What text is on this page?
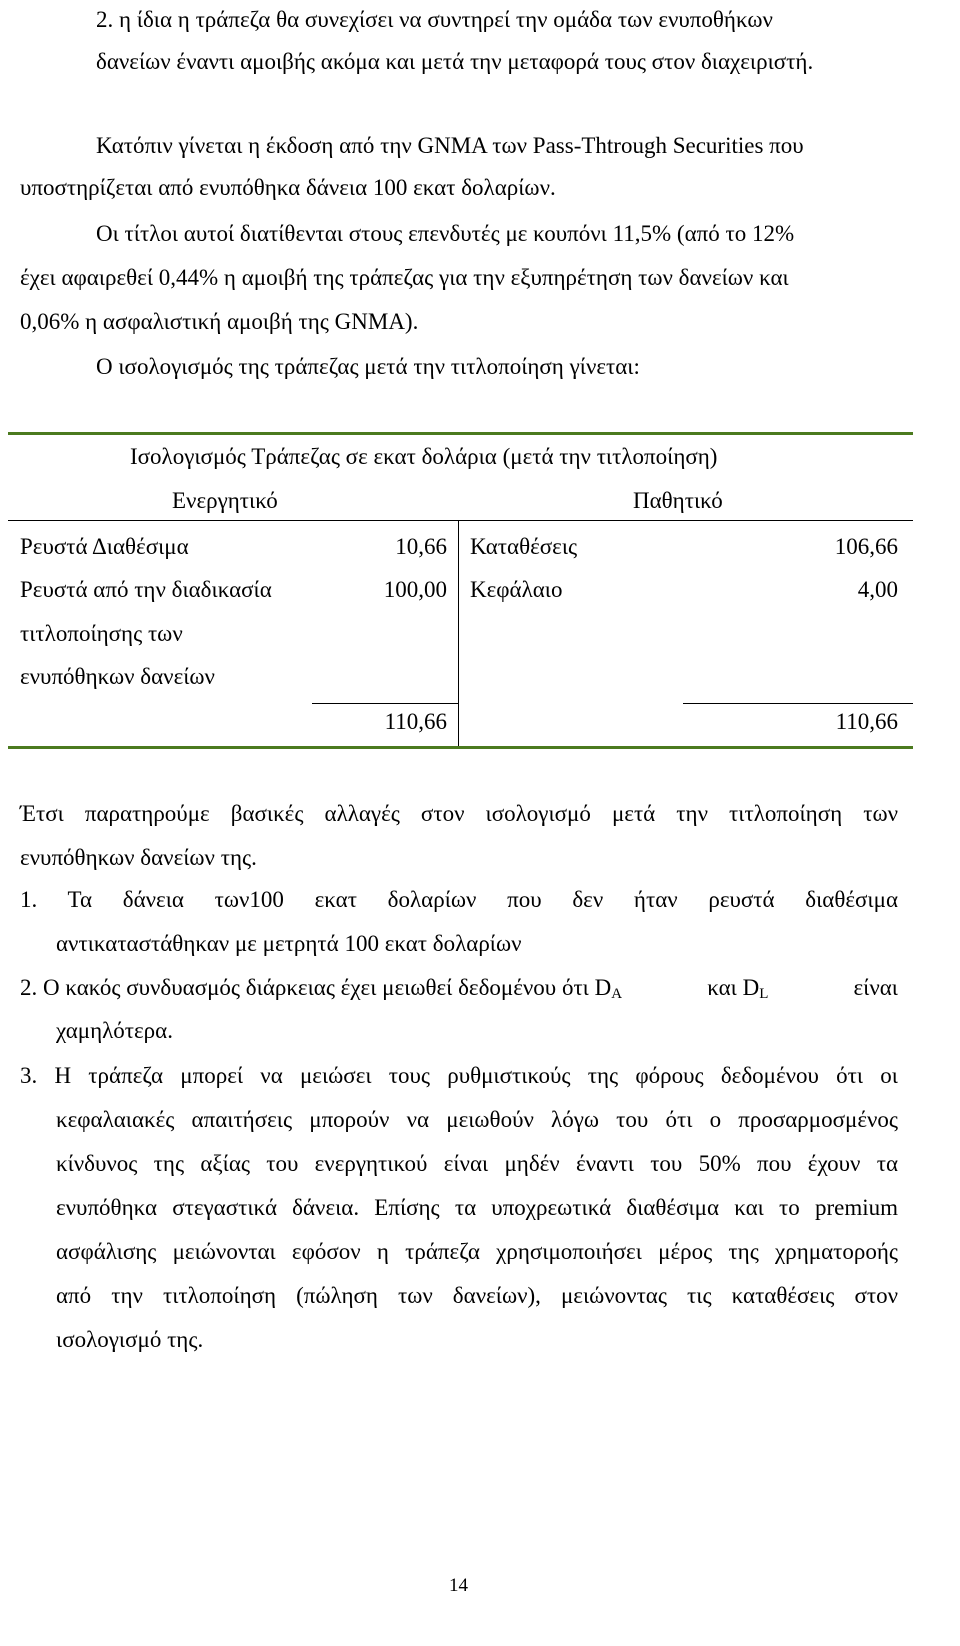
2. η ίδια η τράπεζα θα συνεχίσει να συντηρεί την ομάδα των ενυποθήκων
δανείων έναντι αμοιβής ακόμα και μετά την μεταφορά τους στον διαχειριστή.
Κατόπιν γίνεται η έκδοση από την GNMA των Pass-Thtrough Securities που
υποστηρίζεται από ενυπόθηκα δάνεια 100 εκατ δολαρίων.
Οι τίτλοι αυτοί διατίθενται στους επενδυτές με κουπόνι 11,5% (από το 12%
έχει αφαιρεθεί 0,44% η αμοιβή της τράπεζας για την εξυπηρέτηση των δανείων και
0,06% η ασφαλιστική αμοιβή της GNMA).
Ο ισολογισμός της τράπεζας μετά την τιτλοποίηση γίνεται:
Ισολογισμός Τράπεζας σε εκατ δολάρια (μετά την τιτλοποίηση)
Ενεργητικό	Παθητικό
Ρευστά Διαθέσιμα	10,66 Καταθέσεις	106,66
Ρευστά από την διαδικασία
τιτλοποίησης των
ενυπόθηκων δανείων
100,00 Κεφάλαιο	4,00
110,66	110,66
Έτσι παρατηρούμε βασικές αλλαγές στον ισολογισμό μετά την τιτλοποίηση των
ενυπόθηκων δανείων της.
1. Τα δάνεια των100 εκατ δολαρίων που δεν ήταν ρευστά διαθέσιμα
αντικαταστάθηκαν με μετρητά 100 εκατ δολαρίων
2. Ο κακός συνδυασμός διάρκειας έχει μειωθεί δεδομένου ότι $D_A$	και $D_L$	είναι
χαμηλότερα.
3. Η τράπεζα μπορεί να μειώσει τους ρυθμιστικούς της φόρους δεδομένου ότι οι
κεφαλαιακές απαιτήσεις μπορούν να μειωθούν λόγω του ότι ο προσαρμοσμένος
κίνδυνος της αξίας του ενεργητικού είναι μηδέν έναντι του 50% που έχουν τα
ενυπόθηκα στεγαστικά δάνεια. Επίσης τα υποχρεωτικά διαθέσιμα και το premium
ασφάλισης μειώνονται εφόσον η τράπεζα χρησιμοποιήσει μέρος της χρηματορoής
από την τιτλοποίηση (πώληση των δανείων), μειώνοντας τις καταθέσεις στον
ισολογισμό της.
14
